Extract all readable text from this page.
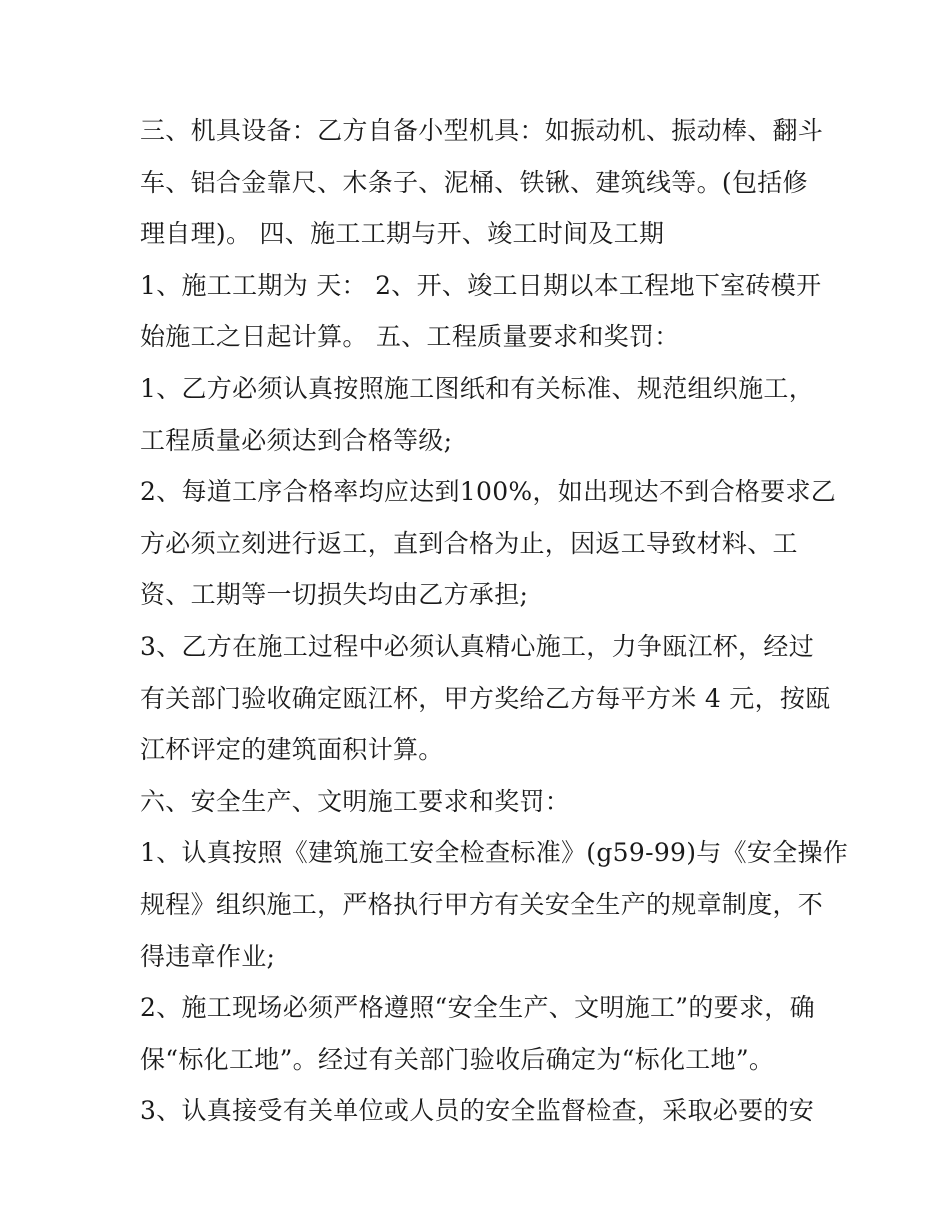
三、机具设备：乙方自备小型机具：如振动机、振动棒、翻斗
车、铝合金靠尺、木条子、泥桶、铁锹、建筑线等。(包括修
理自理)。 四、施工工期与开、竣工时间及工期
1、施工工期为 天： 2、开、竣工日期以本工程地下室砖模开
始施工之日起计算。 五、工程质量要求和奖罚：
1、乙方必须认真按照施工图纸和有关标准、规范组织施工，
工程质量必须达到合格等级;
2、每道工序合格率均应达到100%，如出现达不到合格要求乙
方必须立刻进行返工，直到合格为止，因返工导致材料、工
资、工期等一切损失均由乙方承担;
3、乙方在施工过程中必须认真精心施工，力争瓯江杯，经过
有关部门验收确定瓯江杯，甲方奖给乙方每平方米 4 元，按瓯
江杯评定的建筑面积计算。
六、安全生产、文明施工要求和奖罚：
1、认真按照《建筑施工安全检查标准》(g59-99)与《安全操作
规程》组织施工，严格执行甲方有关安全生产的规章制度，不
得违章作业;
2、施工现场必须严格遵照“安全生产、文明施工”的要求，确
保“标化工地”。经过有关部门验收后确定为“标化工地”。
3、认真接受有关单位或人员的安全监督检查，采取必要的安
